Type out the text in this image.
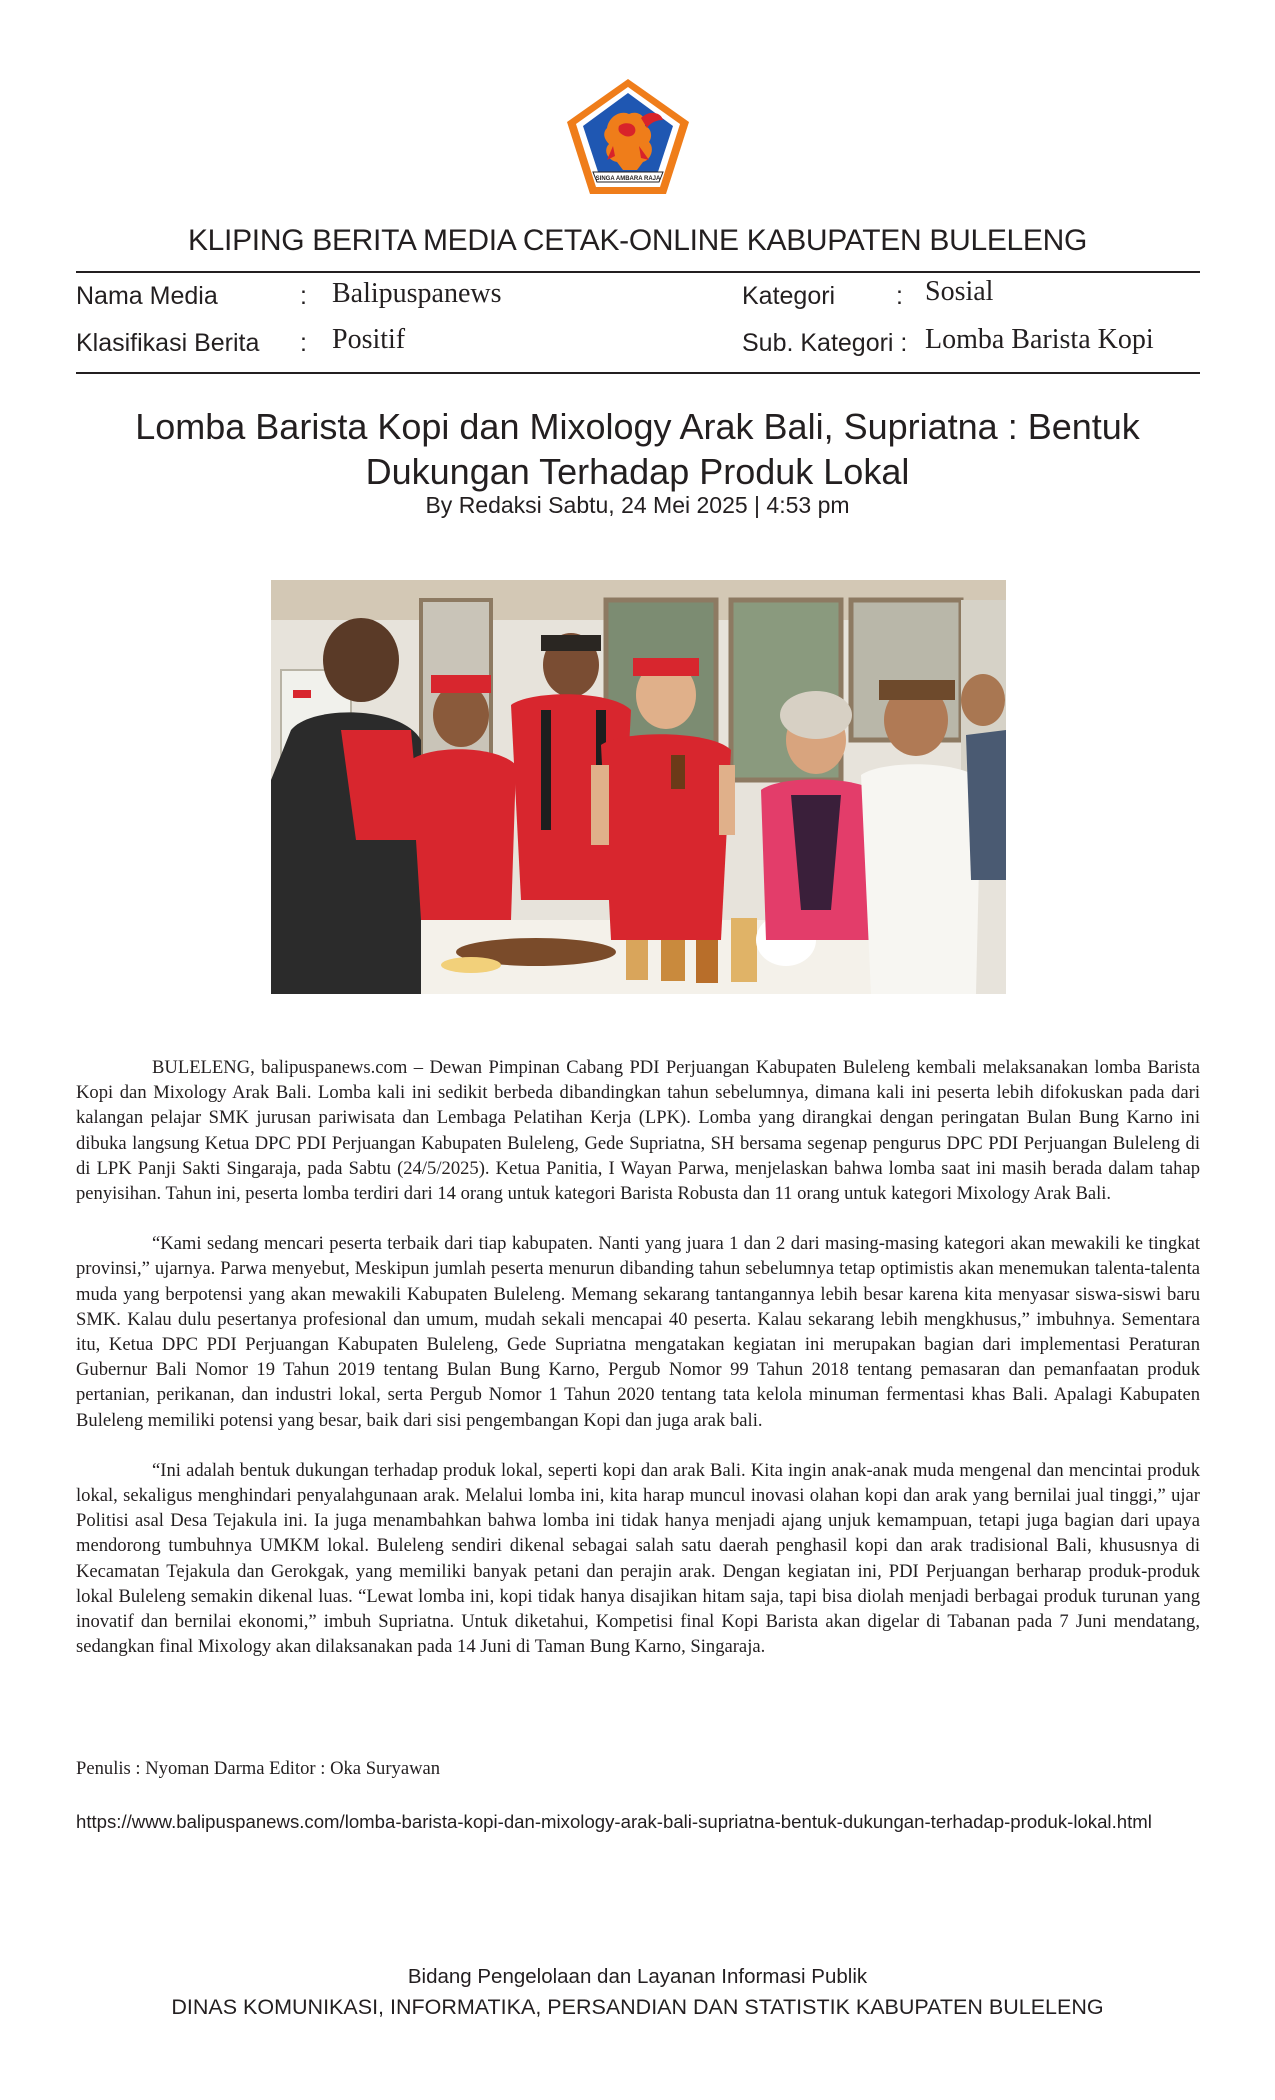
SINGA AMBARA RAJA
KLIPING BERITA MEDIA CETAK-ONLINE KABUPATEN BULELENG
Nama Media	: Balipuspanews	Kategori : Sosial
Klasifikasi Berita : Positif	Sub. Kategori : Lomba Barista Kopi
Lomba Barista Kopi dan Mixology Arak Bali, Supriatna : Bentuk
Dukungan Terhadap Produk Lokal
By Redaksi Sabtu, 24 Mei 2025 | 4:53 pm

BULELENG, balipuspanews.com – Dewan Pimpinan Cabang PDI Perjuangan Kabupaten Buleleng kembali melaksanakan lomba Barista Kopi dan Mixology Arak Bali. Lomba kali ini sedikit berbeda dibandingkan tahun sebelumnya, dimana kali ini peserta lebih difokuskan pada dari kalangan pelajar SMK jurusan pariwisata dan Lembaga Pelatihan Kerja (LPK). Lomba yang dirangkai dengan peringatan Bulan Bung Karno ini dibuka langsung Ketua DPC PDI Perjuangan Kabupaten Buleleng, Gede Supriatna, SH bersama segenap pengurus DPC PDI Perjuangan Buleleng di di LPK Panji Sakti Singaraja, pada Sabtu (24/5/2025). Ketua Panitia, I Wayan Parwa, menjelaskan bahwa lomba saat ini masih berada dalam tahap penyisihan. Tahun ini, peserta lomba terdiri dari 14 orang untuk kategori Barista Robusta dan 11 orang untuk kategori Mixology Arak Bali.

“Kami sedang mencari peserta terbaik dari tiap kabupaten. Nanti yang juara 1 dan 2 dari masing-masing kategori akan mewakili ke tingkat provinsi,” ujarnya. Parwa menyebut, Meskipun jumlah peserta menurun dibanding tahun sebelumnya tetap optimistis akan menemukan talenta-talenta muda yang berpotensi yang akan mewakili Kabupaten Buleleng. Memang sekarang tantangannya lebih besar karena kita menyasar siswa-siswi baru SMK. Kalau dulu pesertanya profesional dan umum, mudah sekali mencapai 40 peserta. Kalau sekarang lebih mengkhusus,” imbuhnya. Sementara itu, Ketua DPC PDI Perjuangan Kabupaten Buleleng, Gede Supriatna mengatakan kegiatan ini merupakan bagian dari implementasi Peraturan Gubernur Bali Nomor 19 Tahun 2019 tentang Bulan Bung Karno, Pergub Nomor 99 Tahun 2018 tentang pemasaran dan pemanfaatan produk pertanian, perikanan, dan industri lokal, serta Pergub Nomor 1 Tahun 2020 tentang tata kelola minuman fermentasi khas Bali. Apalagi Kabupaten Buleleng memiliki potensi yang besar, baik dari sisi pengembangan Kopi dan juga arak bali.

“Ini adalah bentuk dukungan terhadap produk lokal, seperti kopi dan arak Bali. Kita ingin anak-anak muda mengenal dan mencintai produk lokal, sekaligus menghindari penyalahgunaan arak. Melalui lomba ini, kita harap muncul inovasi olahan kopi dan arak yang bernilai jual tinggi,” ujar Politisi asal Desa Tejakula ini. Ia juga menambahkan bahwa lomba ini tidak hanya menjadi ajang unjuk kemampuan, tetapi juga bagian dari upaya mendorong tumbuhnya UMKM lokal. Buleleng sendiri dikenal sebagai salah satu daerah penghasil kopi dan arak tradisional Bali, khususnya di Kecamatan Tejakula dan Gerokgak, yang memiliki banyak petani dan perajin arak. Dengan kegiatan ini, PDI Perjuangan berharap produk-produk lokal Buleleng semakin dikenal luas. “Lewat lomba ini, kopi tidak hanya disajikan hitam saja, tapi bisa diolah menjadi berbagai produk turunan yang inovatif dan bernilai ekonomi,” imbuh Supriatna. Untuk diketahui, Kompetisi final Kopi Barista akan digelar di Tabanan pada 7 Juni mendatang, sedangkan final Mixology akan dilaksanakan pada 14 Juni di Taman Bung Karno, Singaraja.

Penulis : Nyoman Darma Editor : Oka Suryawan
https://www.balipuspanews.com/lomba-barista-kopi-dan-mixology-arak-bali-supriatna-bentuk-dukungan-terhadap-produk-lokal.html
Bidang Pengelolaan dan Layanan Informasi Publik
DINAS KOMUNIKASI, INFORMATIKA, PERSANDIAN DAN STATISTIK KABUPATEN BULELENG
